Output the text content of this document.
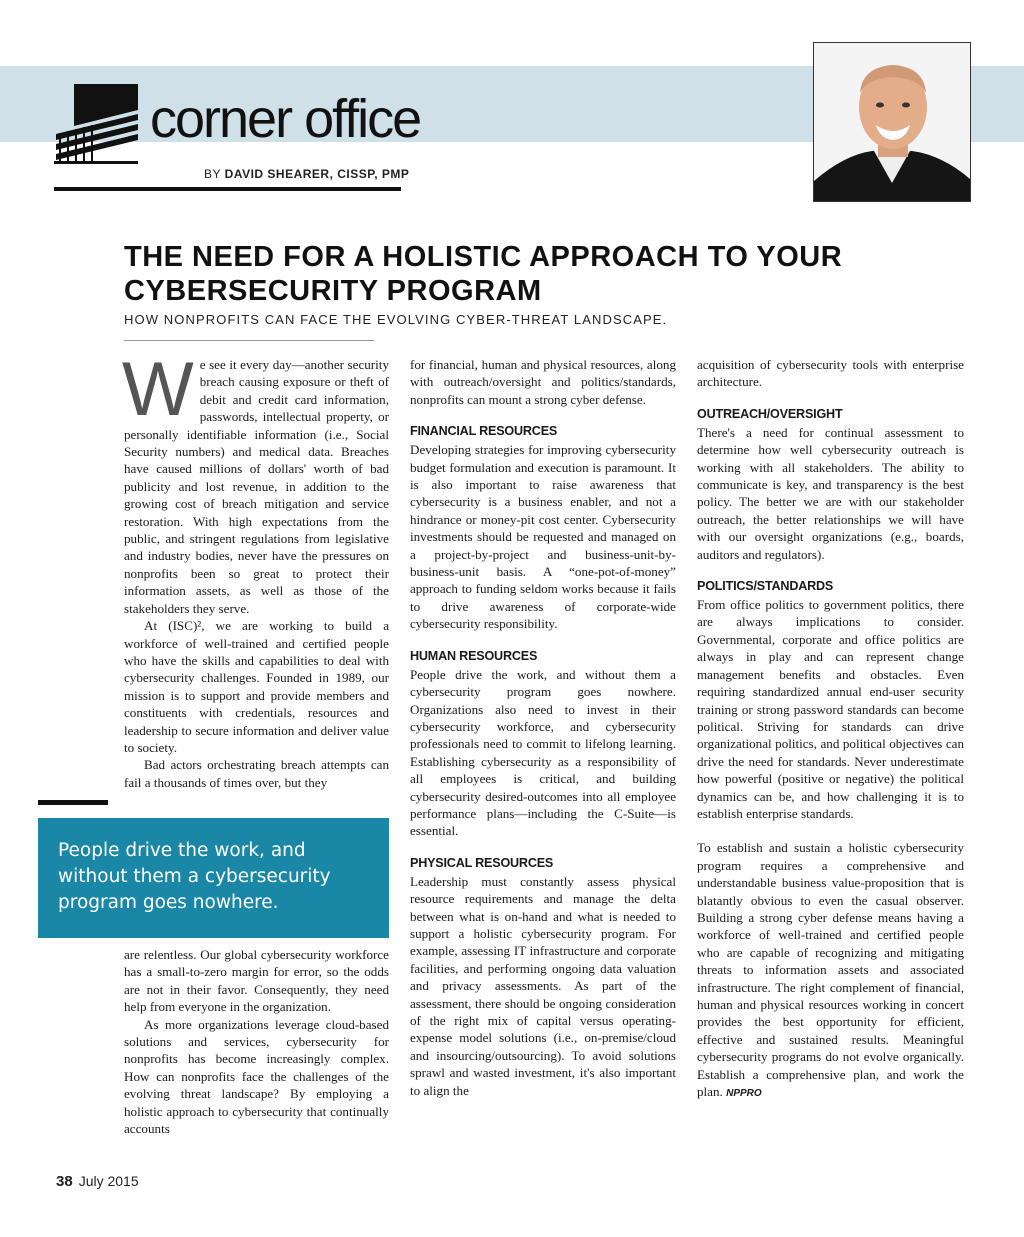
corner office
BY DAVID SHEARER, CISSP, PMP
THE NEED FOR A HOLISTIC APPROACH TO YOUR CYBERSECURITY PROGRAM
HOW NONPROFITS CAN FACE THE EVOLVING CYBER-THREAT LANDSCAPE.

We see it every day—another security breach causing exposure or theft of debit and credit card information, passwords, intellectual property, or personally identifiable information (i.e., Social Security numbers) and medical data. Breaches have caused millions of dollars' worth of bad publicity and lost revenue, in addition to the growing cost of breach mitigation and service restoration. With high expectations from the public, and stringent regulations from legislative and industry bodies, never have the pressures on nonprofits been so great to protect their information assets, as well as those of the stakeholders they serve.

At (ISC)², we are working to build a workforce of well-trained and certified people who have the skills and capabilities to deal with cybersecurity challenges. Founded in 1989, our mission is to support and provide members and constituents with credentials, resources and leadership to secure information and deliver value to society.

Bad actors orchestrating breach attempts can fail a thousands of times over, but they

People drive the work, and without them a cybersecurity program goes nowhere.

are relentless. Our global cybersecurity workforce has a small-to-zero margin for error, so the odds are not in their favor. Consequently, they need help from everyone in the organization.

As more organizations leverage cloud-based solutions and services, cybersecurity for nonprofits has become increasingly complex. How can nonprofits face the challenges of the evolving threat landscape? By employing a holistic approach to cybersecurity that continually accounts

for financial, human and physical resources, along with outreach/oversight and politics/standards, nonprofits can mount a strong cyber defense.

FINANCIAL RESOURCES

Developing strategies for improving cybersecurity budget formulation and execution is paramount. It is also important to raise awareness that cybersecurity is a business enabler, and not a hindrance or money-pit cost center. Cybersecurity investments should be requested and managed on a project-by-project and business-unit-by-business-unit basis. A “one-pot-of-money” approach to funding seldom works because it fails to drive awareness of corporate-wide cybersecurity responsibility.

HUMAN RESOURCES

People drive the work, and without them a cybersecurity program goes nowhere. Organizations also need to invest in their cybersecurity workforce, and cybersecurity professionals need to commit to lifelong learning. Establishing cybersecurity as a responsibility of all employees is critical, and building cybersecurity desired-outcomes into all employee performance plans—including the C-Suite—is essential.

PHYSICAL RESOURCES

Leadership must constantly assess physical resource requirements and manage the delta between what is on-hand and what is needed to support a holistic cybersecurity program. For example, assessing IT infrastructure and corporate facilities, and performing ongoing data valuation and privacy assessments. As part of the assessment, there should be ongoing consideration of the right mix of capital versus operating-expense model solutions (i.e., on-premise/cloud and insourcing/outsourcing). To avoid solutions sprawl and wasted investment, it's also important to align the

acquisition of cybersecurity tools with enterprise architecture.

OUTREACH/OVERSIGHT

There's a need for continual assessment to determine how well cybersecurity outreach is working with all stakeholders. The ability to communicate is key, and transparency is the best policy. The better we are with our stakeholder outreach, the better relationships we will have with our oversight organizations (e.g., boards, auditors and regulators).

POLITICS/STANDARDS

From office politics to government politics, there are always implications to consider. Governmental, corporate and office politics are always in play and can represent change management benefits and obstacles. Even requiring standardized annual end-user security training or strong password standards can become political. Striving for standards can drive organizational politics, and political objectives can drive the need for standards. Never underestimate how powerful (positive or negative) the political dynamics can be, and how challenging it is to establish enterprise standards.

To establish and sustain a holistic cybersecurity program requires a comprehensive and understandable business value-proposition that is blatantly obvious to even the casual observer. Building a strong cyber defense means having a workforce of well-trained and certified people who are capable of recognizing and mitigating threats to information assets and associated infrastructure. The right complement of financial, human and physical resources working in concert provides the best opportunity for efficient, effective and sustained results. Meaningful cybersecurity programs do not evolve organically. Establish a comprehensive plan, and work the plan. NPPRO

38 July 2015
